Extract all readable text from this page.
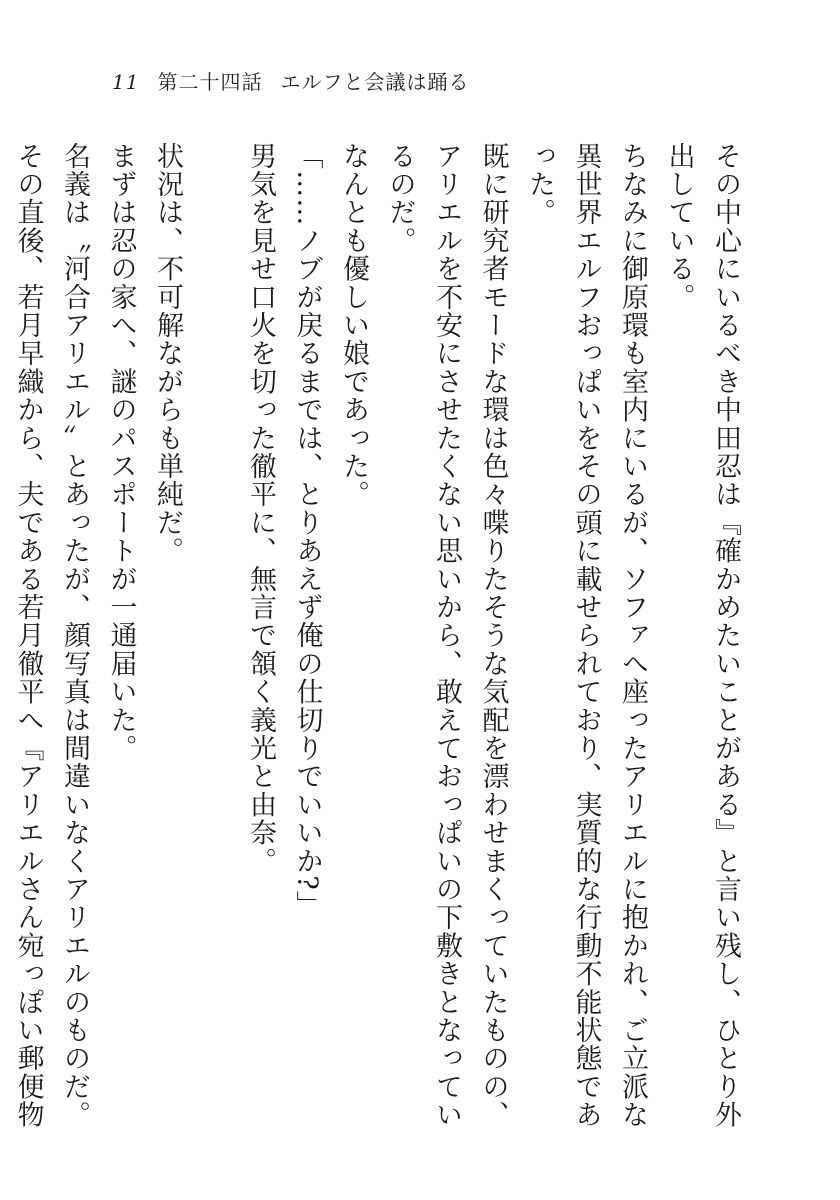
11 第二十四話 エルフと会議は踊る

その中心にいるべき中田忍は『確かめたいことがある』と言い残し、ひとり外出している。

ちなみに御原環も室内にいるが、ソファへ座ったアリエルに抱かれ、ご立派な異世界エルフおっぱいをその頭に載せられており、実質的な行動不能状態であった。

既に研究者モードな環は色々喋りたそうな気配を漂わせまくっていたものの、アリエルを不安にさせたくない思いから、敢えておっぱいの下敷きとなっているのだ。

なんとも優しい娘であった。

「……ノブが戻るまでは、とりあえず俺の仕切りでいいか?」

男気を見せ口火を切った徹平に、無言で頷く義光と由奈。

状況は、不可解ながらも単純だ。

まずは忍の家へ、謎のパスポートが一通届いた。

名義は〝河合アリエル〟とあったが、顔写真は間違いなくアリエルのものだ。

その直後、若月早織から、夫である若月徹平へ『アリエルさん宛っぽい郵便物
